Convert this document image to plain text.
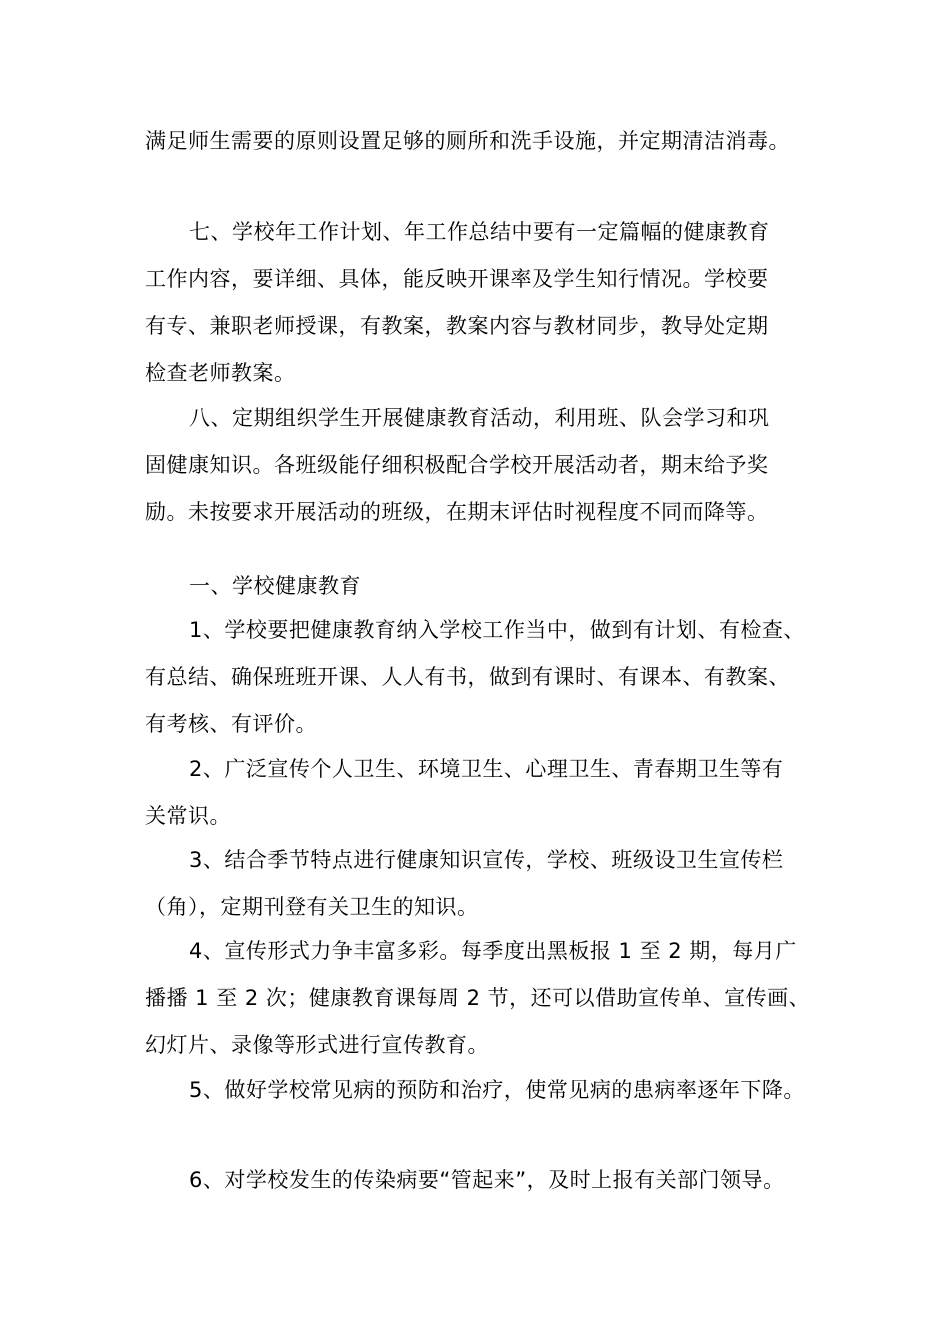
满足师生需要的原则设置足够的厕所和洗手设施，并定期清洁消毒。
七、学校年工作计划、年工作总结中要有一定篇幅的健康教育
工作内容，要详细、具体，能反映开课率及学生知行情况。学校要
有专、兼职老师授课，有教案，教案内容与教材同步，教导处定期
检查老师教案。
八、定期组织学生开展健康教育活动，利用班、队会学习和巩
固健康知识。各班级能仔细积极配合学校开展活动者，期末给予奖
励。未按要求开展活动的班级，在期末评估时视程度不同而降等。
一、学校健康教育
1、学校要把健康教育纳入学校工作当中，做到有计划、有检查、
有总结、确保班班开课、人人有书，做到有课时、有课本、有教案、
有考核、有评价。
2、广泛宣传个人卫生、环境卫生、心理卫生、青春期卫生等有
关常识。
3、结合季节特点进行健康知识宣传，学校、班级设卫生宣传栏
（角），定期刊登有关卫生的知识。
4、宣传形式力争丰富多彩。每季度出黑板报 1 至 2 期，每月广
播播 1 至 2 次；健康教育课每周 2 节，还可以借助宣传单、宣传画、
幻灯片、录像等形式进行宣传教育。
5、做好学校常见病的预防和治疗，使常见病的患病率逐年下降。
6、对学校发生的传染病要“管起来”，及时上报有关部门领导。
